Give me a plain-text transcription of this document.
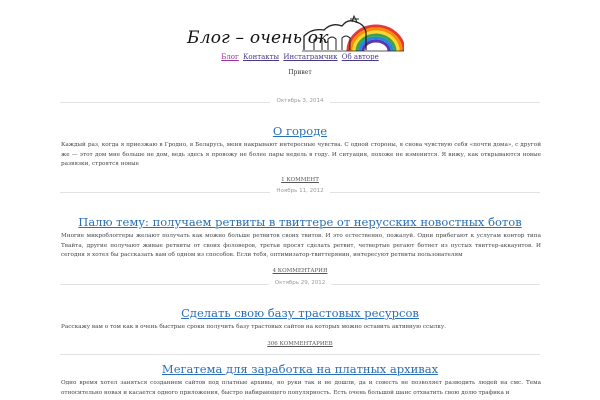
Блог – очень ок
Блог Контакты Инстаграмчик Об авторе
Привет
Октябрь 3, 2014
О городе

Каждый раз, когда я приезжаю в Гродно, в Беларусь, меня накрывают интересные чувства. С одной стороны, я снова чувствую себя «почти дома», с другой же — этот дом мне больше не дом, ведь здесь я провожу не более пары недель в году. И ситуация, похоже не изменится. Я вижу, как открываются новые развязки, строятся новые

1 КОММЕНТ
Ноябрь 11, 2012
Палю тему: получаем ретвиты в твиттере от нерусских новостных ботов

Многие микроблоггеры желают получать как можно больше ретвитов своих твитов. И это естественно, пожалуй. Одни прибегают к услугам контор типа Твайта, другие получают живые ретвиты от своих фоловеров, третьи просят сделать ретвит, четвертые регают ботнет из пустых твиттер-аккаунтов. И сегодня я хотел бы рассказать вам об одном из способов. Если тебя, оптимизатор-твиттерянин, интересуют ретвиты пользователям

4 КОММЕНТАРИЯ
Октябрь 29, 2012
Сделать свою базу трастовых ресурсов

Расскажу вам о том как в очень быстрые сроки получить базу трастовых сайтов на которых можно оставить активную ссылку.

306 КОММЕНТАРИЕВ
Мегатема для заработка на платных архивах

Одно время хотел заняться созданием сайтов под платные архивы, но руки так и не дошли, да и совесть не позволяет разводить людей на смс. Тема относительно новая и касается одного приложения, быстро набирающего популярность. Есть очень большой шанс отхватить свою долю трафика и
